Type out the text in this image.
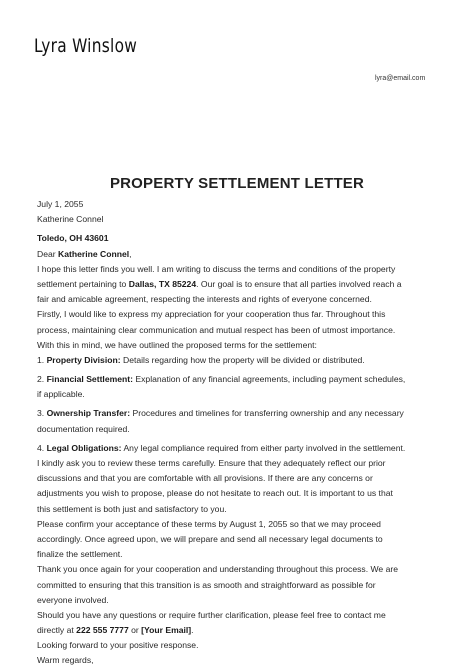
Lyra Winslow
lyra@email.com
PROPERTY SETTLEMENT LETTER
July 1, 2055
Katherine Connel
Toledo, OH 43601
Dear Katherine Connel,
I hope this letter finds you well. I am writing to discuss the terms and conditions of the property
settlement pertaining to Dallas, TX 85224. Our goal is to ensure that all parties involved reach a
fair and amicable agreement, respecting the interests and rights of everyone concerned.
Firstly, I would like to express my appreciation for your cooperation thus far. Throughout this
process, maintaining clear communication and mutual respect has been of utmost importance.
With this in mind, we have outlined the proposed terms for the settlement:
1. Property Division: Details regarding how the property will be divided or distributed.
2. Financial Settlement: Explanation of any financial agreements, including payment schedules,
if applicable.
3. Ownership Transfer: Procedures and timelines for transferring ownership and any necessary
documentation required.
4. Legal Obligations: Any legal compliance required from either party involved in the settlement.
I kindly ask you to review these terms carefully. Ensure that they adequately reflect our prior
discussions and that you are comfortable with all provisions. If there are any concerns or
adjustments you wish to propose, please do not hesitate to reach out. It is important to us that
this settlement is both just and satisfactory to you.
Please confirm your acceptance of these terms by August 1, 2055 so that we may proceed
accordingly. Once agreed upon, we will prepare and send all necessary legal documents to
finalize the settlement.
Thank you once again for your cooperation and understanding throughout this process. We are
committed to ensuring that this transition is as smooth and straightforward as possible for
everyone involved.
Should you have any questions or require further clarification, please feel free to contact me
directly at 222 555 7777 or [Your Email].
Looking forward to your positive response.
Warm regards,
